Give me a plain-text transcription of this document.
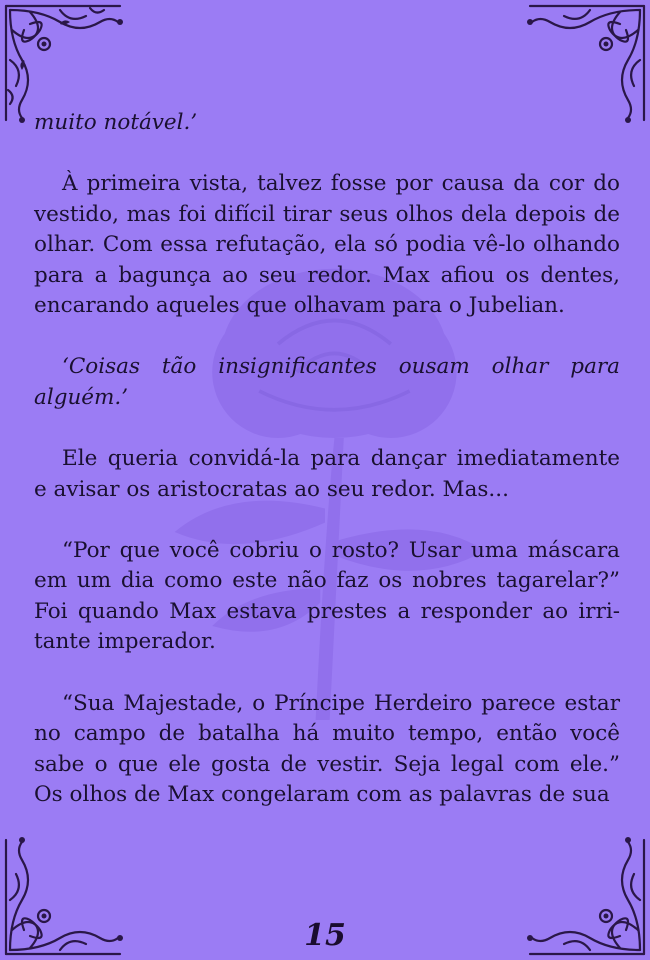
muito notável.’

À primeira vista, talvez fosse por causa da cor do vestido, mas foi difícil tirar seus olhos dela depois de olhar. Com essa refutação, ela só podia vê-lo olhando para a bagunça ao seu redor. Max afiou os dentes, encarando aqueles que olhavam para o Jubelian.

‘Coisas tão insignificantes ousam olhar para alguém.’

Ele queria convidá-la para dançar imediatamente e avisar os aristocratas ao seu redor. Mas...

“Por que você cobriu o rosto? Usar uma máscara em um dia como este não faz os nobres tagarelar?” Foi quando Max estava prestes a responder ao irritante imperador.

“Sua Majestade, o Príncipe Herdeiro parece estar no campo de batalha há muito tempo, então você sabe o que ele gosta de vestir. Seja legal com ele.” Os olhos de Max congelaram com as palavras de sua

15
